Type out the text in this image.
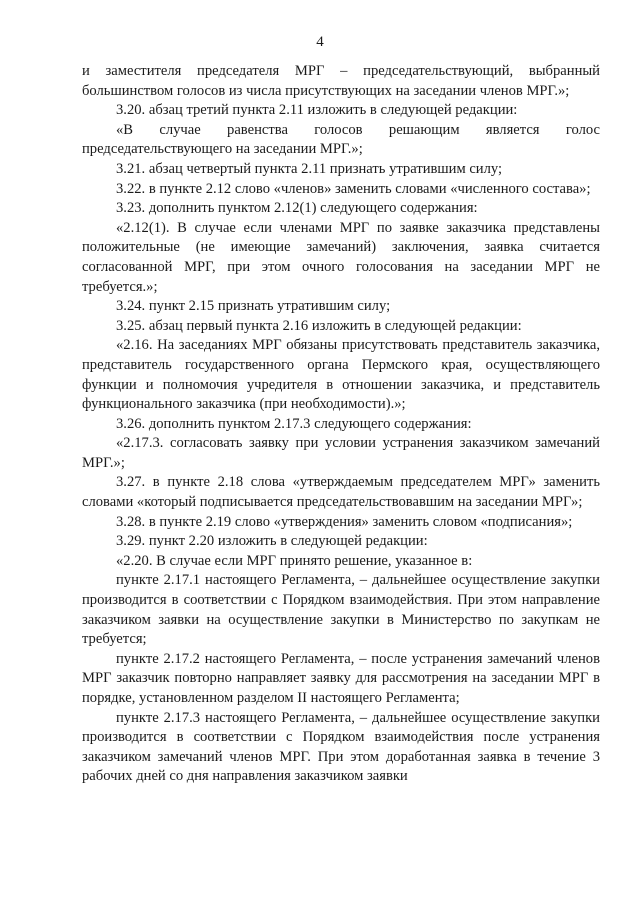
4

и заместителя председателя МРГ – председательствующий, выбранный большинством голосов из числа присутствующих на заседании членов МРГ.»;

3.20. абзац третий пункта 2.11 изложить в следующей редакции:

«В случае равенства голосов решающим является голос председательствующего на заседании МРГ.»;

3.21. абзац четвертый пункта 2.11 признать утратившим силу;

3.22. в пункте 2.12 слово «членов» заменить словами «численного состава»;

3.23. дополнить пунктом 2.12(1) следующего содержания:

«2.12(1). В случае если членами МРГ по заявке заказчика представлены положительные (не имеющие замечаний) заключения, заявка считается согласованной МРГ, при этом очного голосования на заседании МРГ не требуется.»;

3.24. пункт 2.15 признать утратившим силу;

3.25. абзац первый пункта 2.16 изложить в следующей редакции:

«2.16. На заседаниях МРГ обязаны присутствовать представитель заказчика, представитель государственного органа Пермского края, осуществляющего функции и полномочия учредителя в отношении заказчика, и представитель функционального заказчика (при необходимости).»;

3.26. дополнить пунктом 2.17.3 следующего содержания:

«2.17.3. согласовать заявку при условии устранения заказчиком замечаний МРГ.»;

3.27. в пункте 2.18 слова «утверждаемым председателем МРГ» заменить словами «который подписывается председательствовавшим на заседании МРГ»;

3.28. в пункте 2.19 слово «утверждения» заменить словом «подписания»;

3.29. пункт 2.20 изложить в следующей редакции:

«2.20. В случае если МРГ принято решение, указанное в:

пункте 2.17.1 настоящего Регламента, – дальнейшее осуществление закупки производится в соответствии с Порядком взаимодействия. При этом направление заказчиком заявки на осуществление закупки в Министерство по закупкам не требуется;

пункте 2.17.2 настоящего Регламента, – после устранения замечаний членов МРГ заказчик повторно направляет заявку для рассмотрения на заседании МРГ в порядке, установленном разделом II настоящего Регламента;

пункте 2.17.3 настоящего Регламента, – дальнейшее осуществление закупки производится в соответствии с Порядком взаимодействия после устранения заказчиком замечаний членов МРГ. При этом доработанная заявка в течение 3 рабочих дней со дня направления заказчиком заявки
